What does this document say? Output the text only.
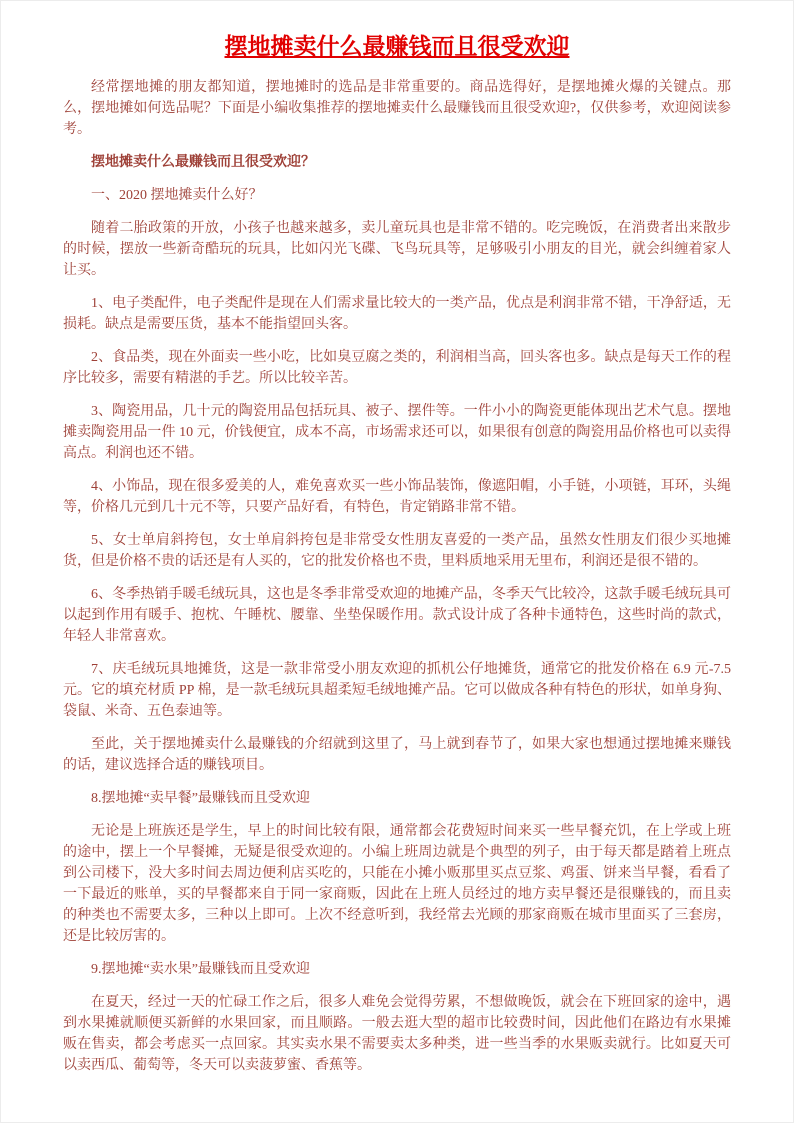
摆地摊卖什么最赚钱而且很受欢迎

经常摆地摊的朋友都知道，摆地摊时的选品是非常重要的。商品选得好，是摆地摊火爆的关键点。那么，摆地摊如何选品呢？下面是小编收集推荐的摆地摊卖什么最赚钱而且很受欢迎?，仅供参考，欢迎阅读参考。

摆地摊卖什么最赚钱而且很受欢迎？

一、2020 摆地摊卖什么好？

随着二胎政策的开放，小孩子也越来越多，卖儿童玩具也是非常不错的。吃完晚饭，在消费者出来散步的时候，摆放一些新奇酷玩的玩具，比如闪光飞碟、飞鸟玩具等，足够吸引小朋友的目光，就会纠缠着家人让买。

1、电子类配件，电子类配件是现在人们需求量比较大的一类产品，优点是利润非常不错，干净舒适，无损耗。缺点是需要压货，基本不能指望回头客。

2、食品类，现在外面卖一些小吃，比如臭豆腐之类的，利润相当高，回头客也多。缺点是每天工作的程序比较多，需要有精湛的手艺。所以比较辛苦。

3、陶瓷用品，几十元的陶瓷用品包括玩具、被子、摆件等。一件小小的陶瓷更能体现出艺术气息。摆地摊卖陶瓷用品一件 10 元，价钱便宜，成本不高，市场需求还可以，如果很有创意的陶瓷用品价格也可以卖得高点。利润也还不错。

4、小饰品，现在很多爱美的人，难免喜欢买一些小饰品装饰，像遮阳帽，小手链，小项链，耳环，头绳等，价格几元到几十元不等，只要产品好看，有特色，肯定销路非常不错。

5、女士单肩斜挎包，女士单肩斜挎包是非常受女性朋友喜爱的一类产品，虽然女性朋友们很少买地摊货，但是价格不贵的话还是有人买的，它的批发价格也不贵，里料质地采用无里布，利润还是很不错的。

6、冬季热销手暖毛绒玩具，这也是冬季非常受欢迎的地摊产品，冬季天气比较冷，这款手暖毛绒玩具可以起到作用有暖手、抱枕、午睡枕、腰靠、坐垫保暖作用。款式设计成了各种卡通特色，这些时尚的款式，年轻人非常喜欢。

7、庆毛绒玩具地摊货，这是一款非常受小朋友欢迎的抓机公仔地摊货，通常它的批发价格在 6.9 元-7.5 元。它的填充材质 PP 棉，是一款毛绒玩具超柔短毛绒地摊产品。它可以做成各种有特色的形状，如单身狗、袋鼠、米奇、五色泰迪等。

至此，关于摆地摊卖什么最赚钱的介绍就到这里了，马上就到春节了，如果大家也想通过摆地摊来赚钱的话，建议选择合适的赚钱项目。

8.摆地摊“卖早餐”最赚钱而且受欢迎

无论是上班族还是学生，早上的时间比较有限，通常都会花费短时间来买一些早餐充饥，在上学或上班的途中，摆上一个早餐摊，无疑是很受欢迎的。小编上班周边就是个典型的列子，由于每天都是踏着上班点到公司楼下，没大多时间去周边便利店买吃的，只能在小摊小贩那里买点豆浆、鸡蛋、饼来当早餐，看看了一下最近的账单，买的早餐都来自于同一家商贩，因此在上班人员经过的地方卖早餐还是很赚钱的，而且卖的种类也不需要太多，三种以上即可。上次不经意听到，我经常去光顾的那家商贩在城市里面买了三套房，还是比较厉害的。

9.摆地摊“卖水果”最赚钱而且受欢迎

在夏天，经过一天的忙碌工作之后，很多人难免会觉得劳累，不想做晚饭，就会在下班回家的途中，遇到水果摊就顺便买新鲜的水果回家，而且顺路。一般去逛大型的超市比较费时间，因此他们在路边有水果摊贩在售卖，都会考虑买一点回家。其实卖水果不需要卖太多种类，进一些当季的水果贩卖就行。比如夏天可以卖西瓜、葡萄等，冬天可以卖菠萝蜜、香蕉等。
